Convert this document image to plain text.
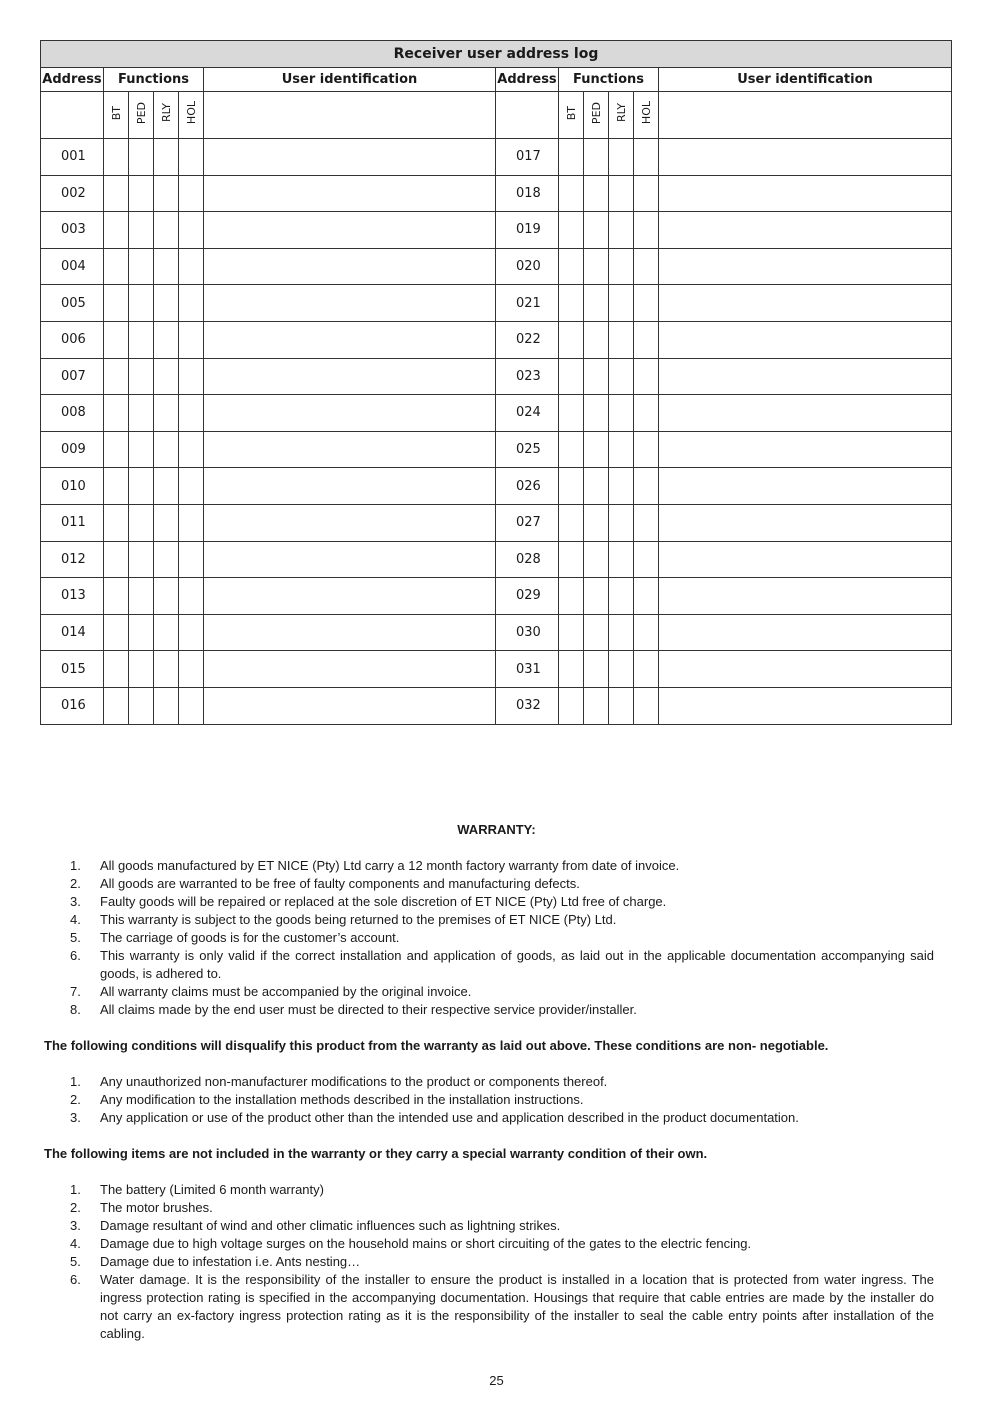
Receiver user address log											
Address	Functions				User identification	Address	Functions				User identification
	BT	PED	RLY	HOL			BT	PED	RLY	HOL	
001						017					
002						018					
003						019					
004						020					
005						021					
006						022					
007						023					
008						024					
009						025					
010						026					
011						027					
012						028					
013						029					
014						030					
015						031					
016						032					
WARRANTY:
1. All goods manufactured by ET NICE (Pty) Ltd carry a 12 month factory warranty from date of invoice.
2. All goods are warranted to be free of faulty components and manufacturing defects.
3. Faulty goods will be repaired or replaced at the sole discretion of ET NICE (Pty) Ltd free of charge.
4. This warranty is subject to the goods being returned to the premises of ET NICE (Pty) Ltd.
5. The carriage of goods is for the customer’s account.
6. This warranty is only valid if the correct installation and application of goods, as laid out in the applicable documentation accompanying said goods, is adhered to.
7. All warranty claims must be accompanied by the original invoice.
8. All claims made by the end user must be directed to their respective service provider/installer.
The following conditions will disqualify this product from the warranty as laid out above. These conditions are non- negotiable.
1. Any unauthorized non-manufacturer modifications to the product or components thereof.
2. Any modification to the installation methods described in the installation instructions.
3. Any application or use of the product other than the intended use and application described in the product documentation.
The following items are not included in the warranty or they carry a special warranty condition of their own.
1. The battery (Limited 6 month warranty)
2. The motor brushes.
3. Damage resultant of wind and other climatic influences such as lightning strikes.
4. Damage due to high voltage surges on the household mains or short circuiting of the gates to the electric fencing.
5. Damage due to infestation i.e. Ants nesting…
6. Water damage. It is the responsibility of the installer to ensure the product is installed in a location that is protected from water ingress. The ingress protection rating is specified in the accompanying documentation. Housings that require that cable entries are made by the installer do not carry an ex-factory ingress protection rating as it is the responsibility of the installer to seal the cable entry points after installation of the cabling.
25
